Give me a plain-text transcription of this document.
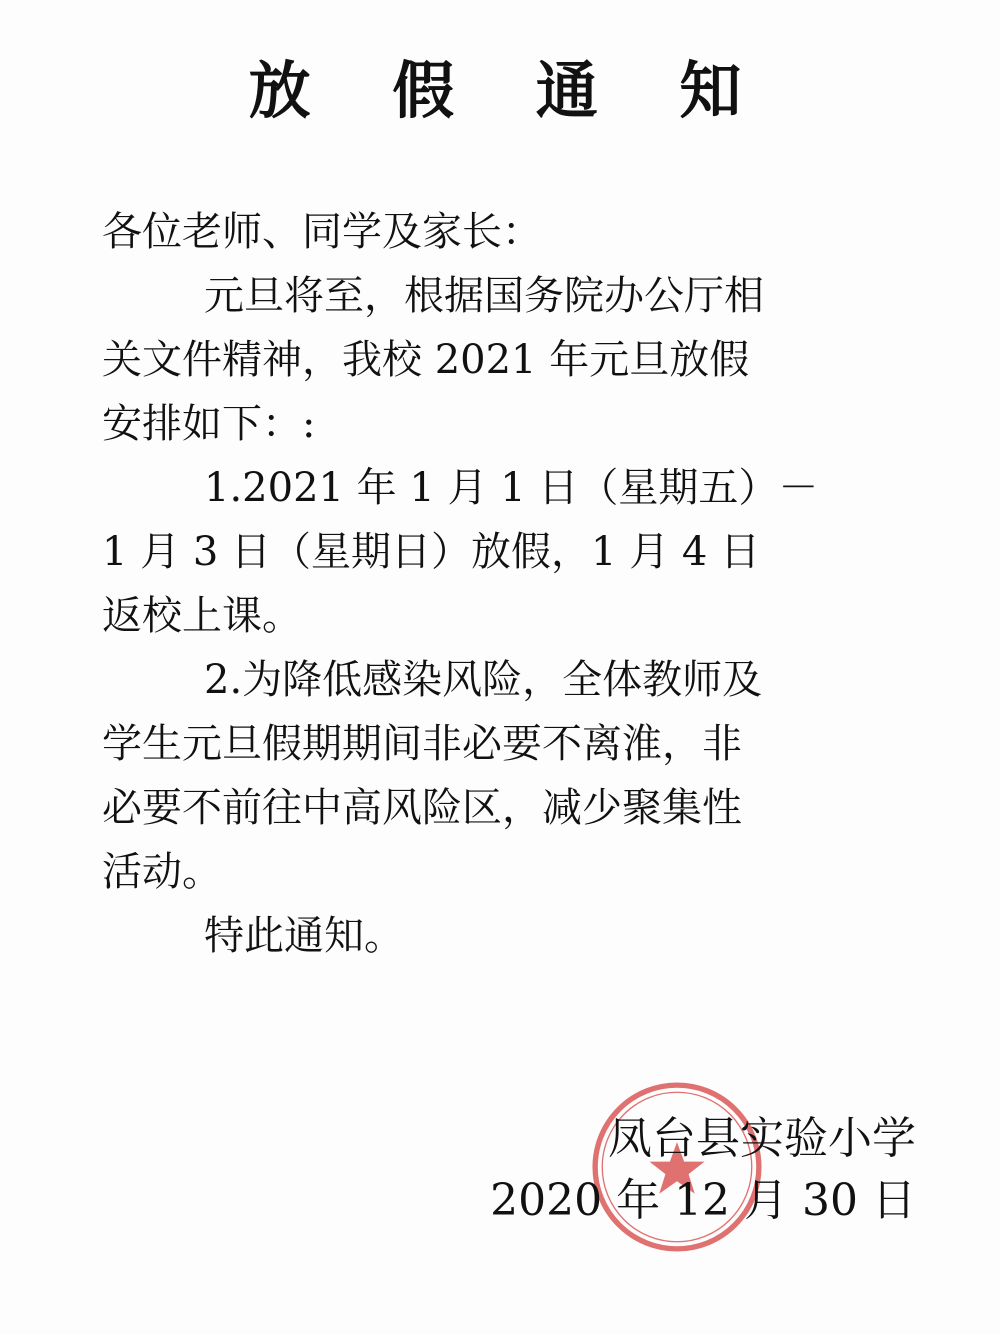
放 假 通 知
各位老师、同学及家长：
元旦将至，根据国务院办公厅相
关文件精神，我校 2021 年元旦放假
安排如下：:
1.2021 年 1 月 1 日（星期五）－
1 月 3 日（星期日）放假，1 月 4 日
返校上课。
2.为降低感染风险，全体教师及
学生元旦假期期间非必要不离淮，非
必要不前往中高风险区，减少聚集性
活动。
特此通知。
凤台县实验小学
2020 年 12 月 30 日
